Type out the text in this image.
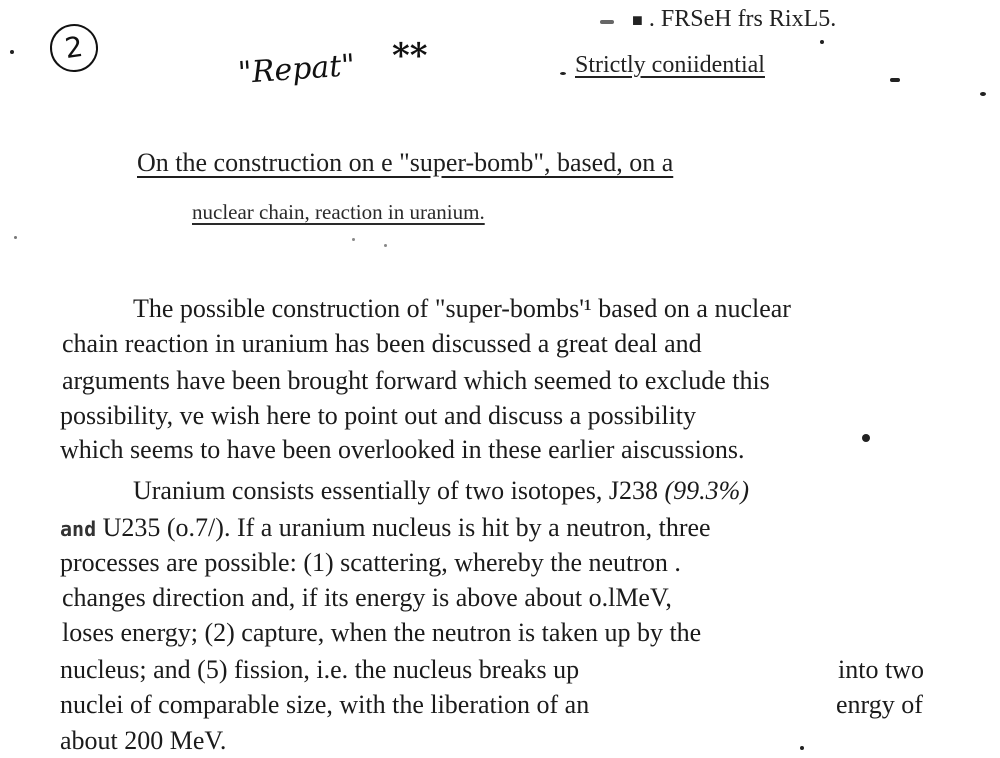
2
"Repat" **
■ . FRSeH frs RixL5.
Strictly coniidential
On the construction on e "super-bomb", based, on a
nuclear chain, reaction in uranium.
The possible construction of "super-bombs'¹ based on a nuclear
chain reaction in uranium has been discussed a great deal and
arguments have been brought forward which seemed to exclude this
possibility, ve wish here to point out and discuss a possibility
which seems to have been overlooked in these earlier aiscussions.
Uranium consists essentially of two isotopes, J238 (99.3%)
and U235 (o.7/). If a uranium nucleus is hit by a neutron, three
processes are possible: (1) scattering, whereby the neutron .
changes direction and, if its energy is above about o.lMeV,
loses energy; (2) capture, when the neutron is taken up by the
nucleus; and (5) fission, i.e. the nucleus breaks up
nuclei of comparable size, with the liberation of an
about 200 MeV.
into two
enrgy of
